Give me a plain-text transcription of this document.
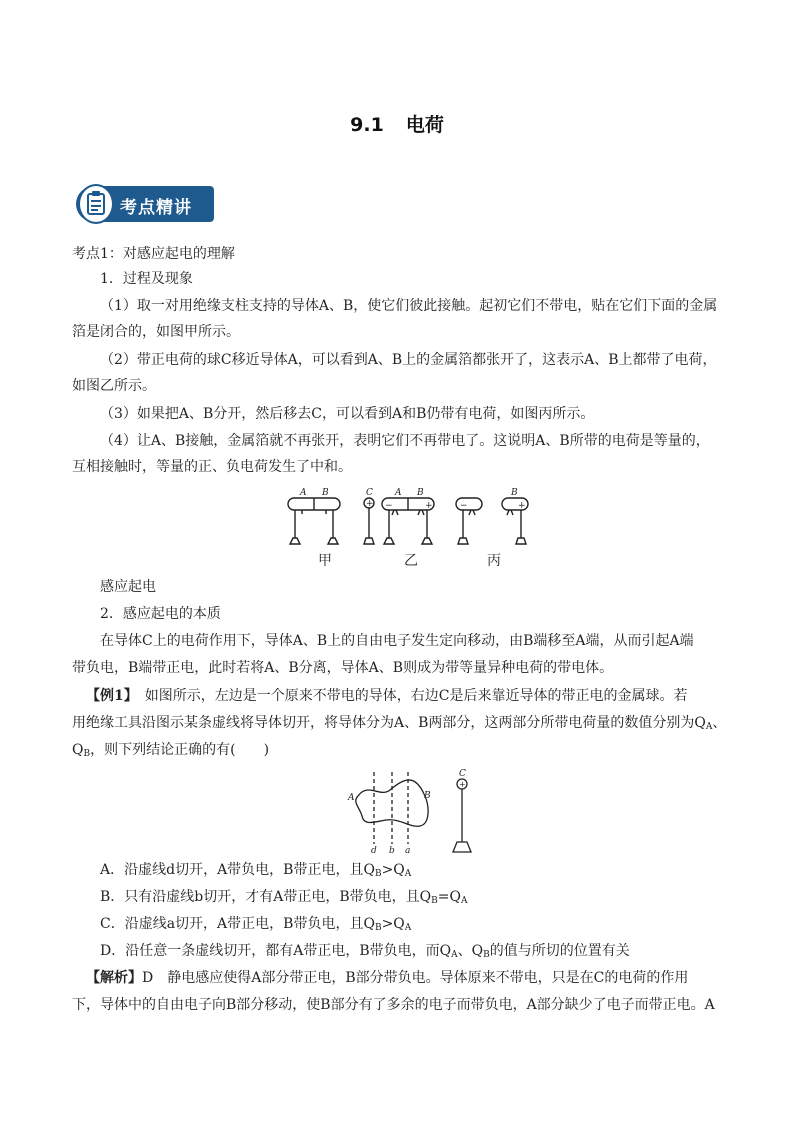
9.1 电荷
考点精讲
考点1：对感应起电的理解
1．过程及现象
（1）取一对用绝缘支柱支持的导体A、B，使它们彼此接触。起初它们不带电，贴在它们下面的金属
箔是闭合的，如图甲所示。
（2）带正电荷的球C移近导体A，可以看到A、B上的金属箔都张开了，这表示A、B上都带了电荷，
如图乙所示。
（3）如果把A、B分开，然后移去C，可以看到A和B仍带有电荷，如图丙所示。
（4）让A、B接触，金属箔就不再张开，表明它们不再带电了。这说明A、B所带的电荷是等量的，
互相接触时，等量的正、负电荷发生了中和。
A B	C A B	B
+ −	+	−	+
甲	乙	丙
感应起电
2．感应起电的本质
在导体C上的电荷作用下，导体A、B上的自由电子发生定向移动，由B端移至A端，从而引起A端
带负电，B端带正电，此时若将A、B分离，导体A、B则成为带等量异种电荷的带电体。
【例1】　 如图所示，左边是一个原来不带电的导体，右边C是后来靠近导体的带正电的金属球。若
用绝缘工具沿图示某条虚线将导体切开，将导体分为A、B两部分，这两部分所带电荷量的数值分别为$Q_A$、
$Q_B$，则下列结论正确的有(　　)
A	B
C
d b a
+
A．沿虚线d切开，A带负电，B带正电，且$Q_B>Q_A$
B．只有沿虚线b切开，才有A带正电，B带负电，且$Q_B=Q_A$
C．沿虚线a切开，A带正电，B带负电，且$Q_B>Q_A$
D．沿任意一条虚线切开，都有A带正电，B带负电，而$Q_A$、$Q_B$的值与所切的位置有关
【解析】D　静电感应使得A部分带正电，B部分带负电。导体原来不带电，只是在C的电荷的作用
下，导体中的自由电子向B部分移动，使B部分有了多余的电子而带负电，A部分缺少了电子而带正电。A
